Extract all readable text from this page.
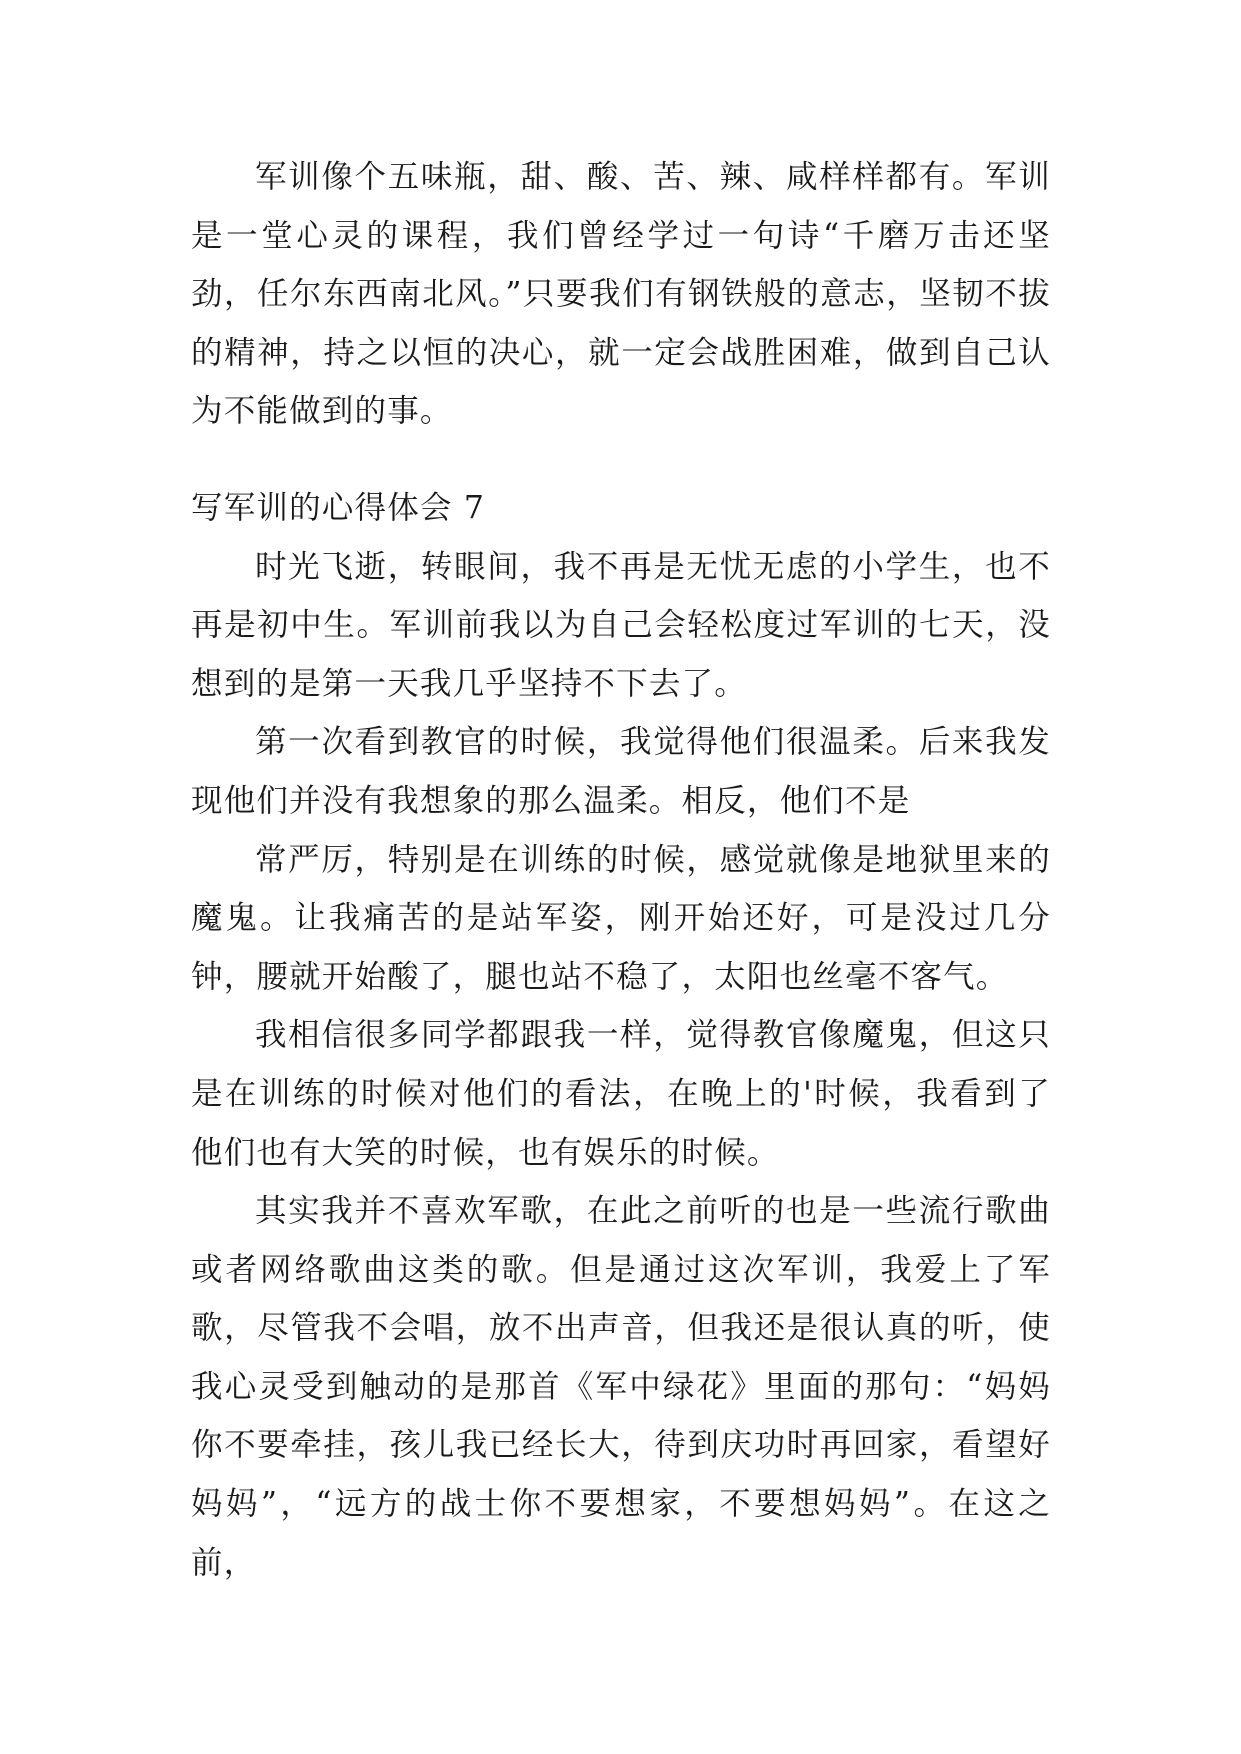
军训像个五味瓶，甜、酸、苦、辣、咸样样都有。军训是一堂心灵的课程，我们曾经学过一句诗“千磨万击还坚劲，任尔东西南北风。”只要我们有钢铁般的意志，坚韧不拔的精神，持之以恒的决心，就一定会战胜困难，做到自己认为不能做到的事。

写军训的心得体会 7

时光飞逝，转眼间，我不再是无忧无虑的小学生，也不再是初中生。军训前我以为自己会轻松度过军训的七天，没想到的是第一天我几乎坚持不下去了。

第一次看到教官的时候，我觉得他们很温柔。后来我发现他们并没有我想象的那么温柔。相反，他们不是

常严厉，特别是在训练的时候，感觉就像是地狱里来的魔鬼。让我痛苦的是站军姿，刚开始还好，可是没过几分钟，腰就开始酸了，腿也站不稳了，太阳也丝毫不客气。

我相信很多同学都跟我一样，觉得教官像魔鬼，但这只是在训练的时候对他们的看法，在晚上的'时候，我看到了他们也有大笑的时候，也有娱乐的时候。

其实我并不喜欢军歌，在此之前听的也是一些流行歌曲或者网络歌曲这类的歌。但是通过这次军训，我爱上了军歌，尽管我不会唱，放不出声音，但我还是很认真的听，使我心灵受到触动的是那首《军中绿花》里面的那句：“妈妈你不要牵挂，孩儿我已经长大，待到庆功时再回家，看望好妈妈”，“远方的战士你不要想家，不要想妈妈”。在这之前，
